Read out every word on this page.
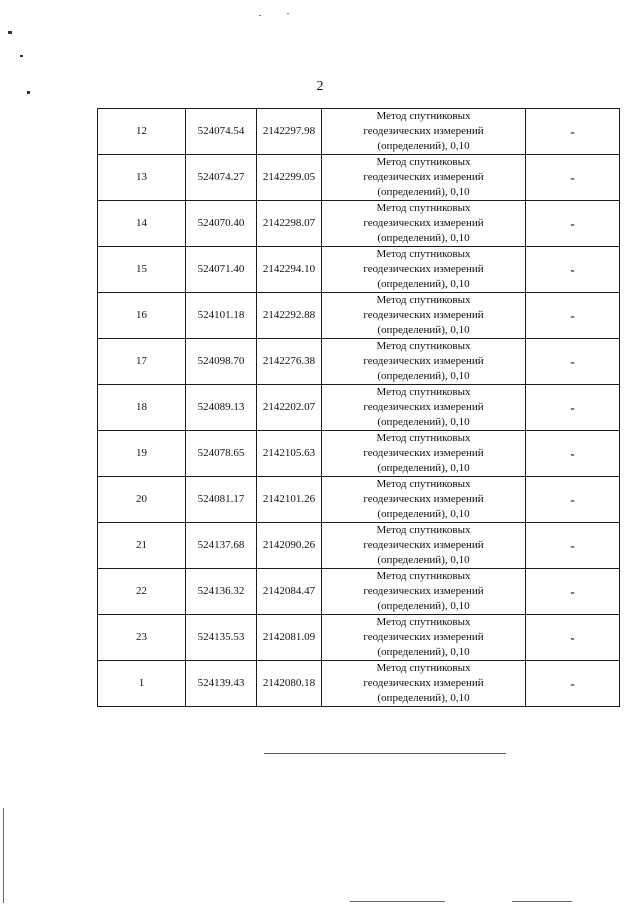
2
12	524074.54	2142297.98	Метод спутниковых
геодезических измерений
(определений), 0,10	-
13	524074.27	2142299.05	Метод спутниковых
геодезических измерений
(определений), 0,10	-
14	524070.40	2142298.07	Метод спутниковых
геодезических измерений
(определений), 0,10	-
15	524071.40	2142294.10	Метод спутниковых
геодезических измерений
(определений), 0,10	-
16	524101.18	2142292.88	Метод спутниковых
геодезических измерений
(определений), 0,10	-
17	524098.70	2142276.38	Метод спутниковых
геодезических измерений
(определений), 0,10	-
18	524089.13	2142202.07	Метод спутниковых
геодезических измерений
(определений), 0,10	-
19	524078.65	2142105.63	Метод спутниковых
геодезических измерений
(определений), 0,10	-
20	524081.17	2142101.26	Метод спутниковых
геодезических измерений
(определений), 0,10	-
21	524137.68	2142090.26	Метод спутниковых
геодезических измерений
(определений), 0,10	-
22	524136.32	2142084.47	Метод спутниковых
геодезических измерений
(определений), 0,10	-
23	524135.53	2142081.09	Метод спутниковых
геодезических измерений
(определений), 0,10	-
1	524139.43	2142080.18	Метод спутниковых
геодезических измерений
(определений), 0,10	-
